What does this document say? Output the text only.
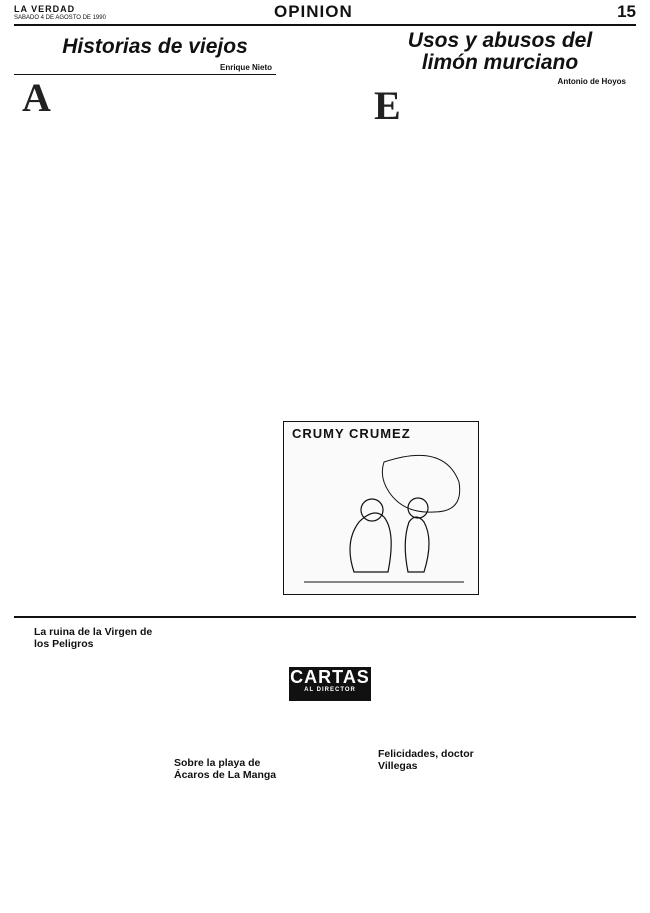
LA VERDAD
SABADO 4 DE AGOSTO DE 1990	OPINION	15
Historias de viejos
Enrique Nieto
A
Usos y abusos del
limón murciano
Antonio de Hoyos
E
CRUMY CRUMEZ
La ruina de la Virgen de los Peligros
Sobre la playa de Ácaros de La Manga
CARTAS
AL DIRECTOR
Felicidades, doctor Villegas
